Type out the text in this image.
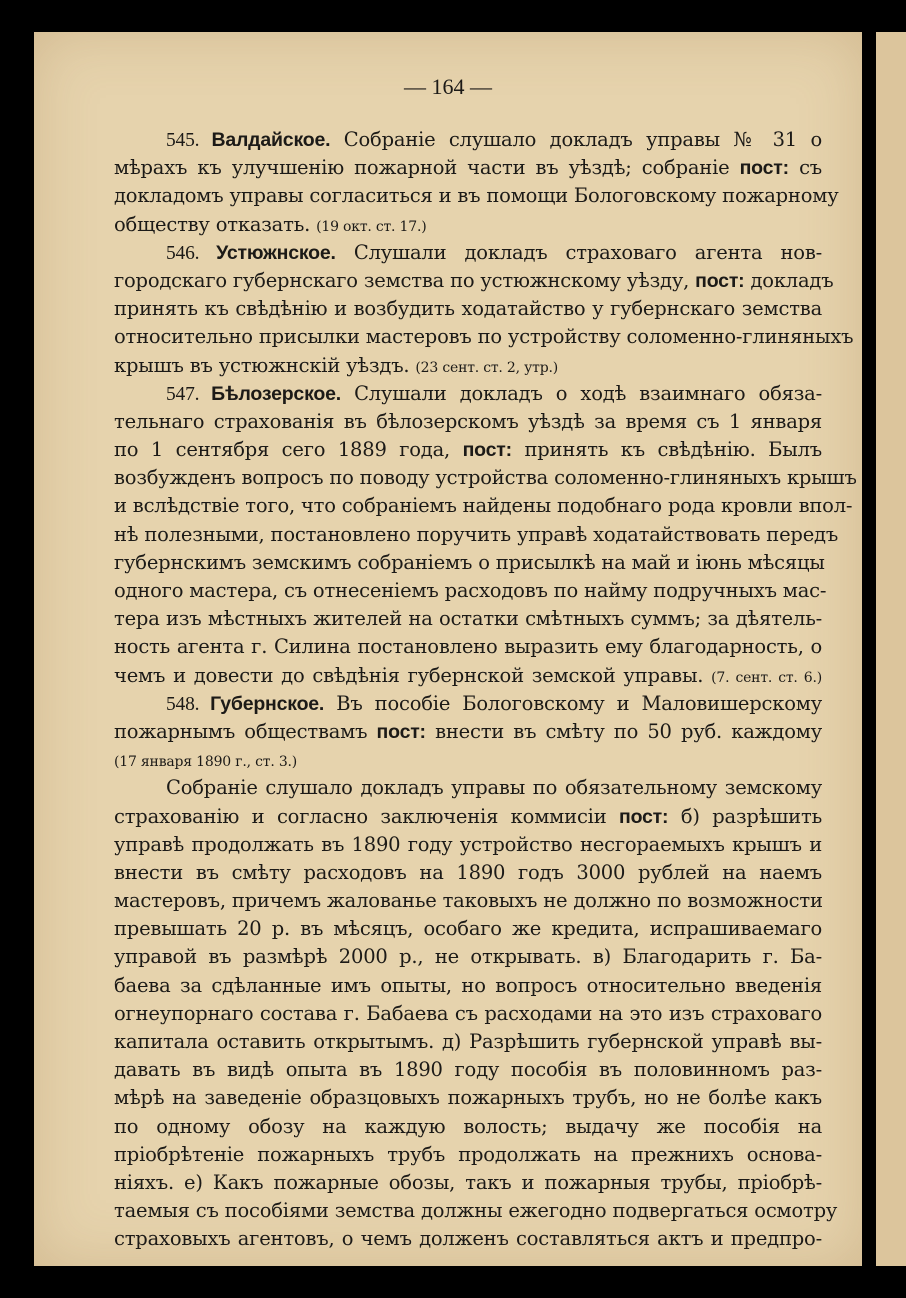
— 164 —
545. Валдайское. Собраніе слушало докладъ управы № 31 о
мѣрахъ къ улучшенію пожарной части въ уѣздѣ; собраніе пост: съ
докладомъ управы согласиться и въ помощи Бологовскому пожарному
обществу отказать. (19 окт. ст. 17.)
546. Устюжнское. Слушали докладъ страховаго агента нов-
городскаго губернскаго земства по устюжнскому уѣзду, пост: докладъ
принять къ свѣдѣнію и возбудить ходатайство у губернскаго земства
относительно присылки мастеровъ по устройству соломенно-глиняныхъ
крышъ въ устюжнскій уѣздъ. (23 сент. ст. 2, утр.)
547. Бѣлозерское. Слушали докладъ о ходѣ взаимнаго обяза-
тельнаго страхованія въ бѣлозерскомъ уѣздѣ за время съ 1 января
по 1 сентября сего 1889 года, пост: принять къ свѣдѣнію. Былъ
возбужденъ вопросъ по поводу устройства соломенно-глиняныхъ крышъ
и вслѣдствіе того, что собраніемъ найдены подобнаго рода кровли впол-
нѣ полезными, постановлено поручить управѣ ходатайствовать передъ
губернскимъ земскимъ собраніемъ о присылкѣ на май и іюнь мѣсяцы
одного мастера, съ отнесеніемъ расходовъ по найму подручныхъ мас-
тера изъ мѣстныхъ жителей на остатки смѣтныхъ суммъ; за дѣятель-
ность агента г. Силина постановлено выразить ему благодарность, о
чемъ и довести до свѣдѣнія губернской земской управы. (7. сент. ст. 6.)
548. Губернское. Въ пособіе Бологовскому и Маловишерскому
пожарнымъ обществамъ пост: внести въ смѣту по 50 руб. каждому
(17 января 1890 г., ст. 3.)
Собраніе слушало докладъ управы по обязательному земскому
страхованію и согласно заключенія коммисіи пост: б) разрѣшить
управѣ продолжать въ 1890 году устройство несгораемыхъ крышъ и
внести въ смѣту расходовъ на 1890 годъ 3000 рублей на наемъ
мастеровъ, причемъ жалованье таковыхъ не должно по возможности
превышать 20 р. въ мѣсяцъ, особаго же кредита, испрашиваемаго
управой въ размѣрѣ 2000 р., не открывать. в) Благодарить г. Ба-
баева за сдѣланные имъ опыты, но вопросъ относительно введенія
огнеупорнаго состава г. Бабаева съ расходами на это изъ страховаго
капитала оставить открытымъ. д) Разрѣшить губернской управѣ вы-
давать въ видѣ опыта въ 1890 году пособія въ половинномъ раз-
мѣрѣ на заведеніе образцовыхъ пожарныхъ трубъ, но не болѣе какъ
по одному обозу на каждую волость; выдачу же пособія на
пріобрѣтеніе пожарныхъ трубъ продолжать на прежнихъ основа-
ніяхъ. е) Какъ пожарные обозы, такъ и пожарныя трубы, пріобрѣ-
таемыя съ пособіями земства должны ежегодно подвергаться осмотру
страховыхъ агентовъ, о чемъ долженъ составляться актъ и предпро-
